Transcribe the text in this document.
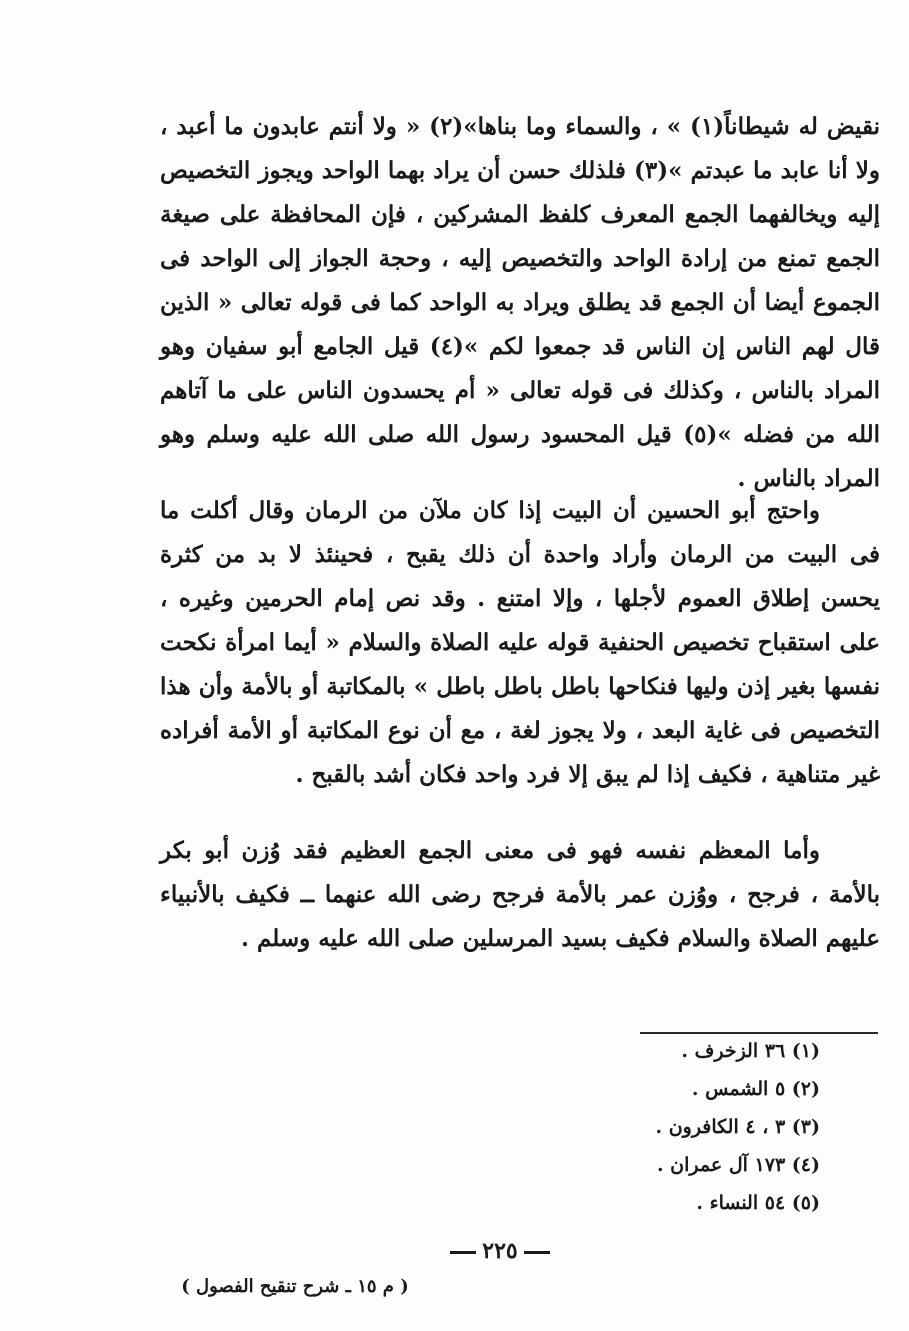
نقيض له شيطاناً(١) » ، والسماء وما بناها»(٢) « ولا أنتم عابدون ما أعبد ، ولا أنا عابد ما عبدتم »(٣) فلذلك حسن أن يراد بهما الواحد ويجوز التخصيص إليه ويخالفهما الجمع المعرف كلفظ المشركين ، فإن المحافظة على صيغة الجمع تمنع من إرادة الواحد والتخصيص إليه ، وحجة الجواز إلى الواحد فى الجموع أيضا أن الجمع قد يطلق ويراد به الواحد كما فى قوله تعالى « الذين قال لهم الناس إن الناس قد جمعوا لكم »(٤) قيل الجامع أبو سفيان وهو المراد بالناس ، وكذلك فى قوله تعالى « أم يحسدون الناس على ما آتاهم الله من فضله »(٥) قيل المحسود رسول الله صلى الله عليه وسلم وهو المراد بالناس .

واحتج أبو الحسين أن البيت إذا كان ملآن من الرمان وقال أكلت ما فى البيت من الرمان وأراد واحدة أن ذلك يقبح ، فحينئذ لا بد من كثرة يحسن إطلاق العموم لأجلها ، وإلا امتنع . وقد نص إمام الحرمين وغيره ، على استقباح تخصيص الحنفية قوله عليه الصلاة والسلام « أيما امرأة نكحت نفسها بغير إذن وليها فنكاحها باطل باطل باطل » بالمكاتبة أو بالأمة وأن هذا التخصيص فى غاية البعد ، ولا يجوز لغة ، مع أن نوع المكاتبة أو الأمة أفراده غير متناهية ، فكيف إذا لم يبق إلا فرد واحد فكان أشد بالقبح .

وأما المعظم نفسه فهو فى معنى الجمع العظيم فقد وُزن أبو بكر بالأمة ، فرجح ، ووُزن عمر بالأمة فرجح رضى الله عنهما ــ فكيف بالأنبياء عليهم الصلاة والسلام فكيف بسيد المرسلين صلى الله عليه وسلم .

(١) ٣٦ الزخرف .
(٢) ٥ الشمس .
(٣) ٣ ، ٤ الكافرون .
(٤) ١٧٣ آل عمران .
(٥) ٥٤ النساء .
٢٢٥
( م ١٥ ـ شرح تنقيح الفصول )
